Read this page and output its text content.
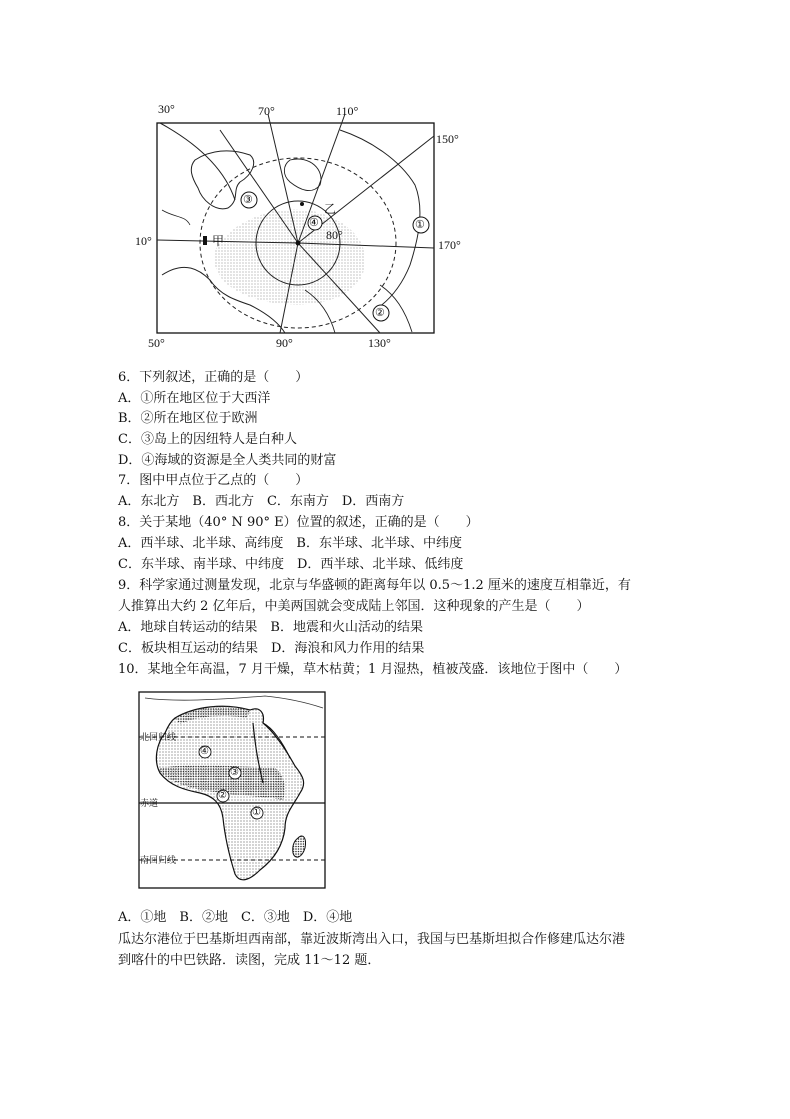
30°	70°	110°
150°
10°	170°
50°	90°	130°
80°
③
①
②
④
甲
乙
6．下列叙述，正确的是（　　）
A．①所在地区位于大西洋
B．②所在地区位于欧洲
C．③岛上的因纽特人是白种人
D．④海域的资源是全人类共同的财富
7．图中甲点位于乙点的（　　）
A．东北方　B．西北方　C．东南方　D．西南方
8．关于某地（40° N 90° E）位置的叙述，正确的是（　　）
A．西半球、北半球、高纬度　B．东半球、北半球、中纬度
C．东半球、南半球、中纬度　D．西半球、北半球、低纬度
9．科学家通过测量发现，北京与华盛顿的距离每年以 0.5～1.2 厘米的速度互相靠近，有
人推算出大约 2 亿年后，中美两国就会变成陆上邻国．这种现象的产生是（　　）
A．地球自转运动的结果　B．地震和火山活动的结果
C．板块相互运动的结果　D．海浪和风力作用的结果
10．某地全年高温，7 月干燥，草木枯黄；1 月湿热，植被茂盛．该地位于图中（　　）
北回归线
赤道
南回归线
④
③
②
①
A．①地　B．②地　C．③地　D．④地
瓜达尔港位于巴基斯坦西南部，靠近波斯湾出入口，我国与巴基斯坦拟合作修建瓜达尔港
到喀什的中巴铁路．读图，完成 11～12 题．
